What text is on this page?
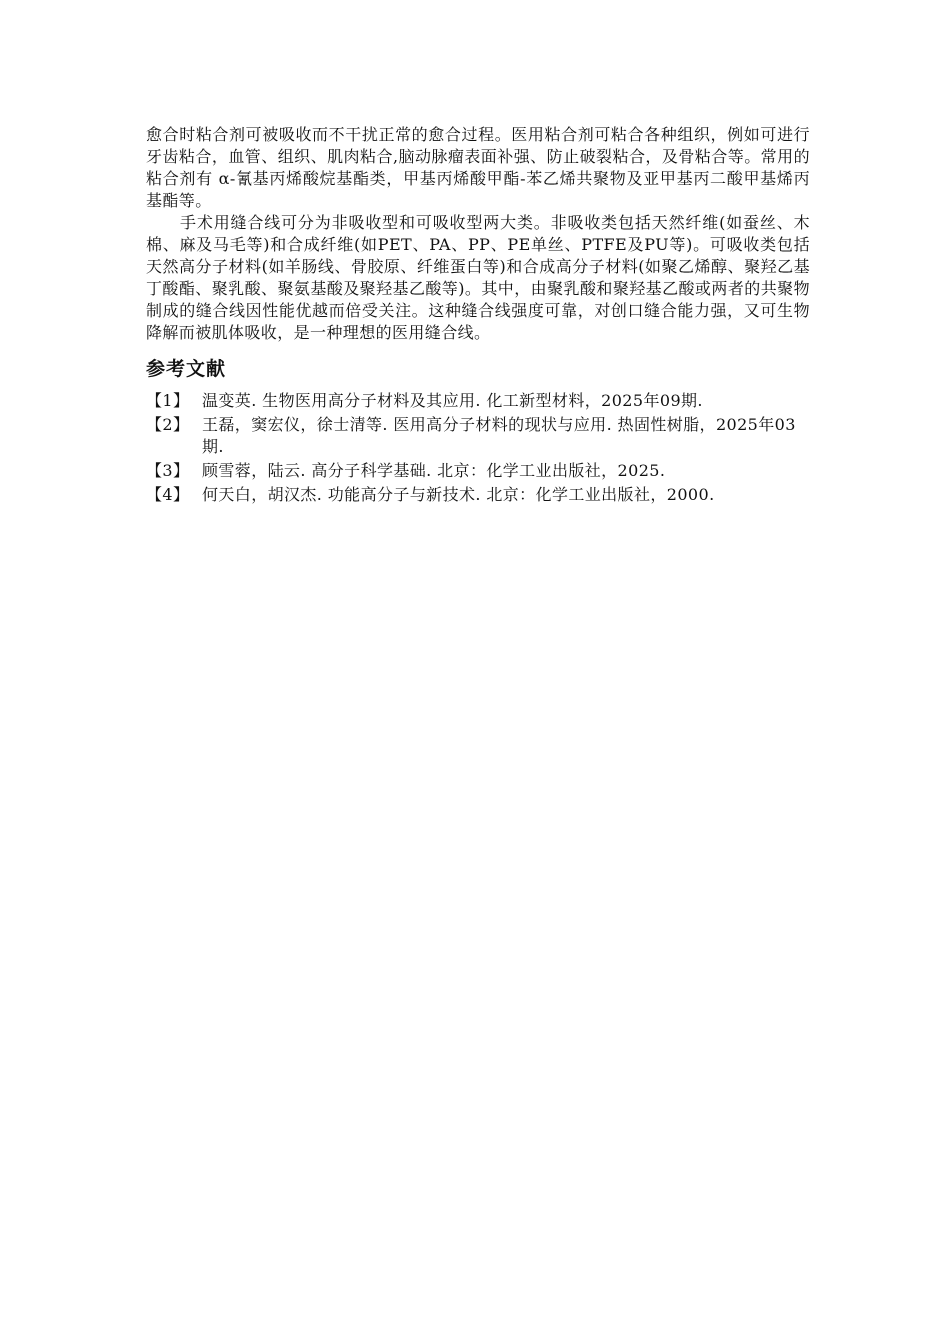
愈合时粘合剂可被吸收而不干扰正常的愈合过程。医用粘合剂可粘合各种组织，例如可进行牙齿粘合，血管、组织、肌肉粘合,脑动脉瘤表面补强、防止破裂粘合，及骨粘合等。常用的粘合剂有 α-氰基丙烯酸烷基酯类，甲基丙烯酸甲酯-苯乙烯共聚物及亚甲基丙二酸甲基烯丙基酯等。

手术用缝合线可分为非吸收型和可吸收型两大类。非吸收类包括天然纤维(如蚕丝、木棉、麻及马毛等)和合成纤维(如PET、PA、PP、PE单丝、PTFE及PU等)。可吸收类包括天然高分子材料(如羊肠线、骨胶原、纤维蛋白等)和合成高分子材料(如聚乙烯醇、聚羟乙基丁酸酯、聚乳酸、聚氨基酸及聚羟基乙酸等)。其中，由聚乳酸和聚羟基乙酸或两者的共聚物制成的缝合线因性能优越而倍受关注。这种缝合线强度可靠，对创口缝合能力强，又可生物降解而被肌体吸收，是一种理想的医用缝合线。

参考文献
【1】 温变英. 生物医用高分子材料及其应用. 化工新型材料，2025年09期.
【2】 王磊，窦宏仪，徐士清等. 医用高分子材料的现状与应用. 热固性树脂，2025年03期.
【3】 顾雪蓉，陆云. 高分子科学基础. 北京：化学工业出版社，2025.
【4】 何天白，胡汉杰. 功能高分子与新技术. 北京：化学工业出版社，2000.
